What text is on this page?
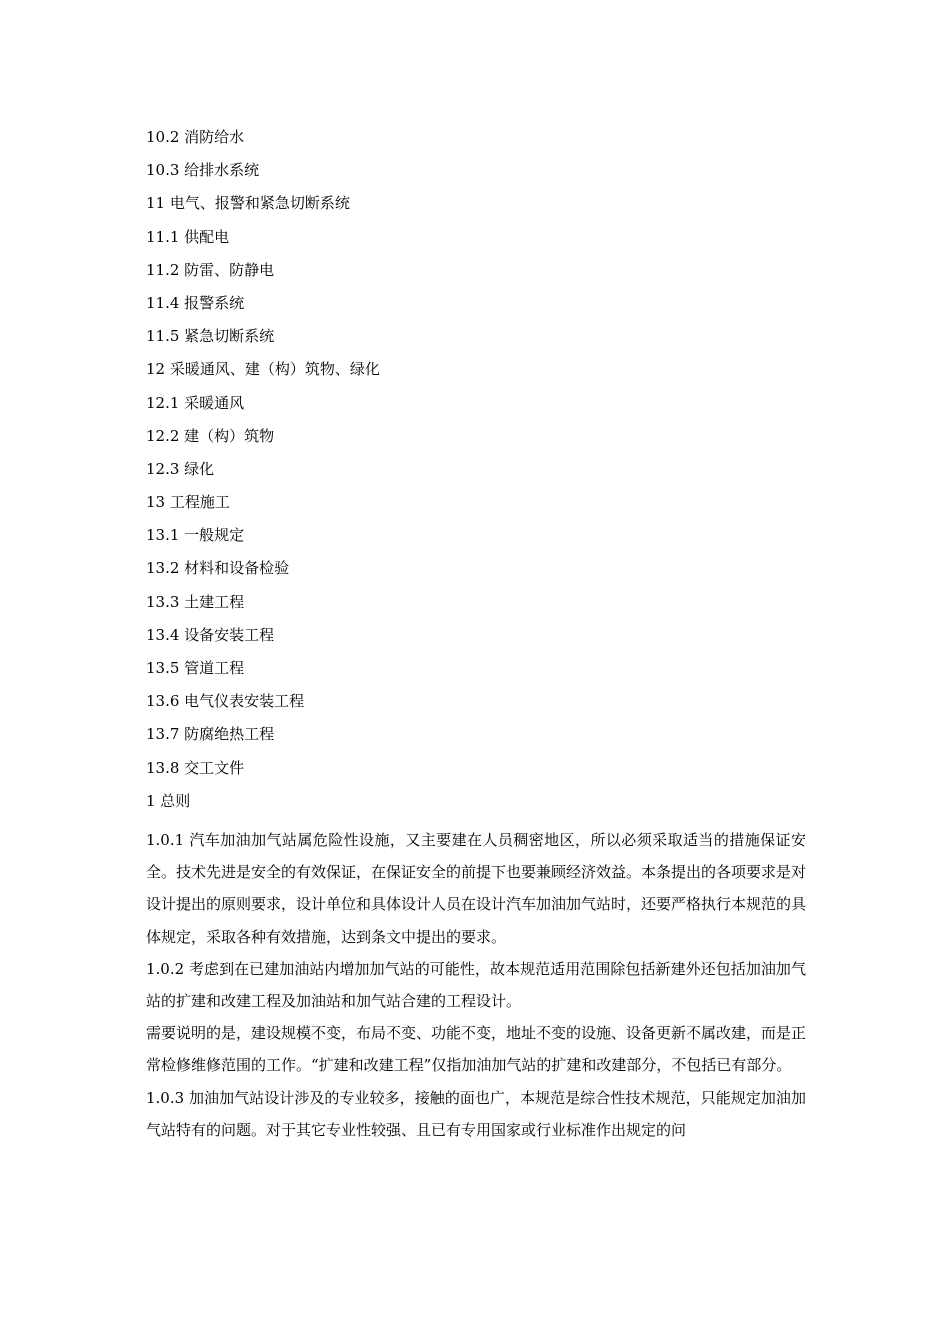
10.2 消防给水
10.3 给排水系统
11 电气、报警和紧急切断系统
11.1 供配电
11.2 防雷、防静电
11.4 报警系统
11.5 紧急切断系统
12 采暖通风、建（构）筑物、绿化
12.1 采暖通风
12.2 建（构）筑物
12.3 绿化
13 工程施工
13.1 一般规定
13.2 材料和设备检验
13.3 土建工程
13.4 设备安装工程
13.5 管道工程
13.6 电气仪表安装工程
13.7 防腐绝热工程
13.8 交工文件
1 总则

1.0.1 汽车加油加气站属危险性设施，又主要建在人员稠密地区，所以必须采取适当的措施保证安全。技术先进是安全的有效保证，在保证安全的前提下也要兼顾经济效益。本条提出的各项要求是对设计提出的原则要求，设计单位和具体设计人员在设计汽车加油加气站时，还要严格执行本规范的具体规定，采取各种有效措施，达到条文中提出的要求。

1.0.2 考虑到在已建加油站内增加加气站的可能性，故本规范适用范围除包括新建外还包括加油加气站的扩建和改建工程及加油站和加气站合建的工程设计。

需要说明的是，建设规模不变，布局不变、功能不变，地址不变的设施、设备更新不属改建，而是正常检修维修范围的工作。“扩建和改建工程”仅指加油加气站的扩建和改建部分，不包括已有部分。

1.0.3 加油加气站设计涉及的专业较多，接触的面也广，本规范是综合性技术规范，只能规定加油加气站特有的问题。对于其它专业性较强、且已有专用国家或行业标准作出规定的问
